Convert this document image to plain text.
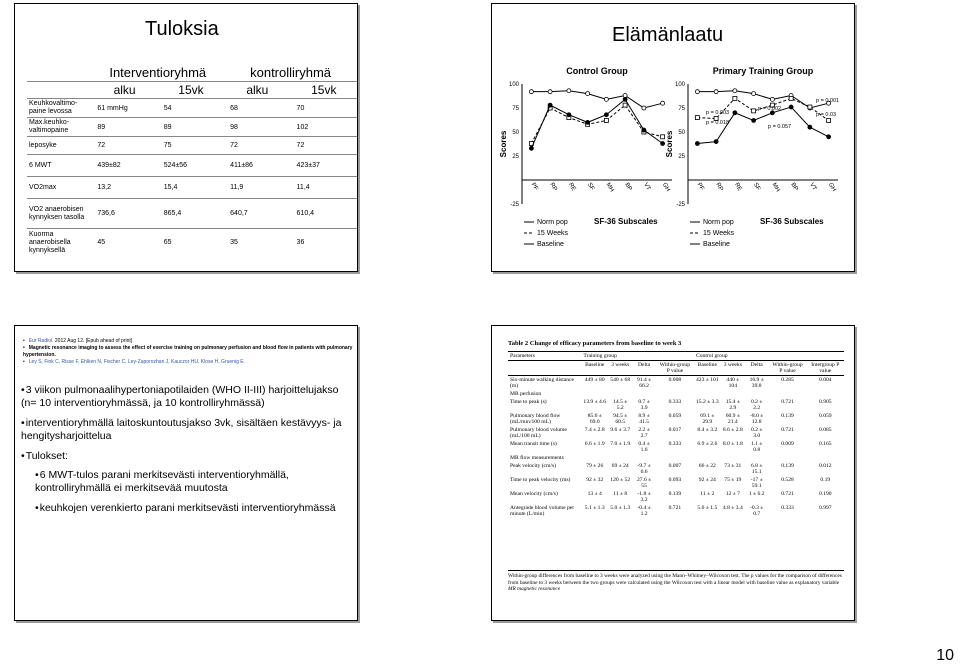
Tuloksia
	Interventioryhmä		kontrolliryhmä	
	alku	15vk	alku	15vk
Keuhkovaltimo-paine levossa	61 mmHg	54	68	70
Max.keuhko-valtimopaine	89	89	98	102
leposyke	72	75	72	72
6 MWT	439±82	524±56	411±86	423±37
VO2max	13,2	15,4	11,9	11,4
VO2 anaerobisen kynnyksen tasolla	736,6	865,4	640,7	610,4
Kuorma anaerobisella kynnyksellä	45	65	35	36
Elämänlaatu
Control Group
Scores
100
75
50
25
-25
PF RP RE SF MH BP VT GH
Norm pop
15 Weeks
Baseline
SF-36 Subscales
Primary Training Group
Scores
100
75
50
25
-25
PF RP RE SF MH BP VT GH
Norm pop
15 Weeks
Baseline
SF-36 Subscales
p = 0.003
p = 0.018
p = 0.002
p = 0.057
p = 0.001
p = 0.03
• Eur Radiol. 2012 Aug 12. [Epub ahead of print]
• Magnetic resonance imaging to assess the effect of exercise training on pulmonary perfusion and blood flow in patients with pulmonary hypertension.
• Ley S, Fink C, Risse F, Ehlken N, Fischer C, Ley-Zaporozhan J, Kauczor HU, Klose H, Gruenig E.
• 3 viikon pulmonaalihypertoniapotilaiden (WHO II-III) harjoittelujakso (n= 10 interventioryhmässä, ja 10 kontrolliryhmässä)
• interventioryhmällä laitoskuntoutusjakso 3vk, sisältäen kestävyys- ja hengitysharjoittelua
• Tulokset:
• 6 MWT-tulos parani merkitsevästi interventioryhmällä, kontrolliryhmällä ei merkitsevää muutosta
• keuhkojen verenkierto parani merkitsevästi interventioryhmässä
Table 2 Change of efficacy parameters from baseline to week 3
Parameters	Training group				Control group				
	Baseline	3 weeks	Delta	Within-group P value	Baseline	3 weeks	Delta	Within-group P value	Intergroup P value
Six-minute walking distance (m)	449 ± 80	540 ± 68	91.4 ± 66.2	0.008	423 ± 101	440 ± 104	16.9 ± 39.8	0.285	0.004
MR perfusion									
Time to peak (s)	13.9 ± 4.6	14.5 ± 5.2	0.7 ± 3.9	0.333	15.2 ± 3.3	15.4 ± 2.9	0.2 ± 2.2	0.721	0.905
Pulmonary blood flow (mL/min/100 mL)	85.6 ± 69.0	94.5 ± 60.5	8.9 ± 41.5	0.059	69.1 ± 29.9	60.9 ± 21.4	-8.0 ± 12.8	0.139	0.059
Pulmonary blood volume (mL/100 mL)	7.4 ± 2.8	9.6 ± 3.7	2.2 ± 2.7	0.017	8.4 ± 3.2	8.6 ± 2.8	0.2 ± 3.0	0.721	0.085
Mean transit time (s)	6.6 ± 1.9	7.0 ± 1.9	0.4 ± 1.6	0.333	6.9 ± 2.6	8.0 ± 1.8	1.1 ± 0.8	0.009	0.165
MR flow measurements									
Peak velocity (cm/s)	79 ± 26	69 ± 24	-9.7 ± 6.6	0.007	66 ± 22	73 ± 31	6.8 ± 15.1	0.139	0.012
Time to peak velocity (ms)	92 ± 32	120 ± 52	27.6 ± 55	0.093	92 ± 24	75 ± 19	-17 ± 59.1	0.528	0.19
Mean velocity (cm/s)	13 ± 4	11 ± 8	-1.8 ± 3.2	0.139	11 ± 2	12 ± 7	1 ± 6.2	0.721	0.190
Antegrade blood volume per minute (L/min)	5.1 ± 1.3	5.0 ± 1.3	-0.4 ± 1.2	0.721	5.0 ± 1.5	4.8 ± 3.4	-0.3 ± 0.7	0.333	0.997
Within-group differences from baseline to 3 weeks were analyzed using the Mann–Whitney–Wilcoxon test. The p values for the comparison of differences from baseline to 3 weeks between the two groups were calculated using the Wilcoxon test with a linear model with baseline value as explanatory variable
MR magnetic resonance
10
